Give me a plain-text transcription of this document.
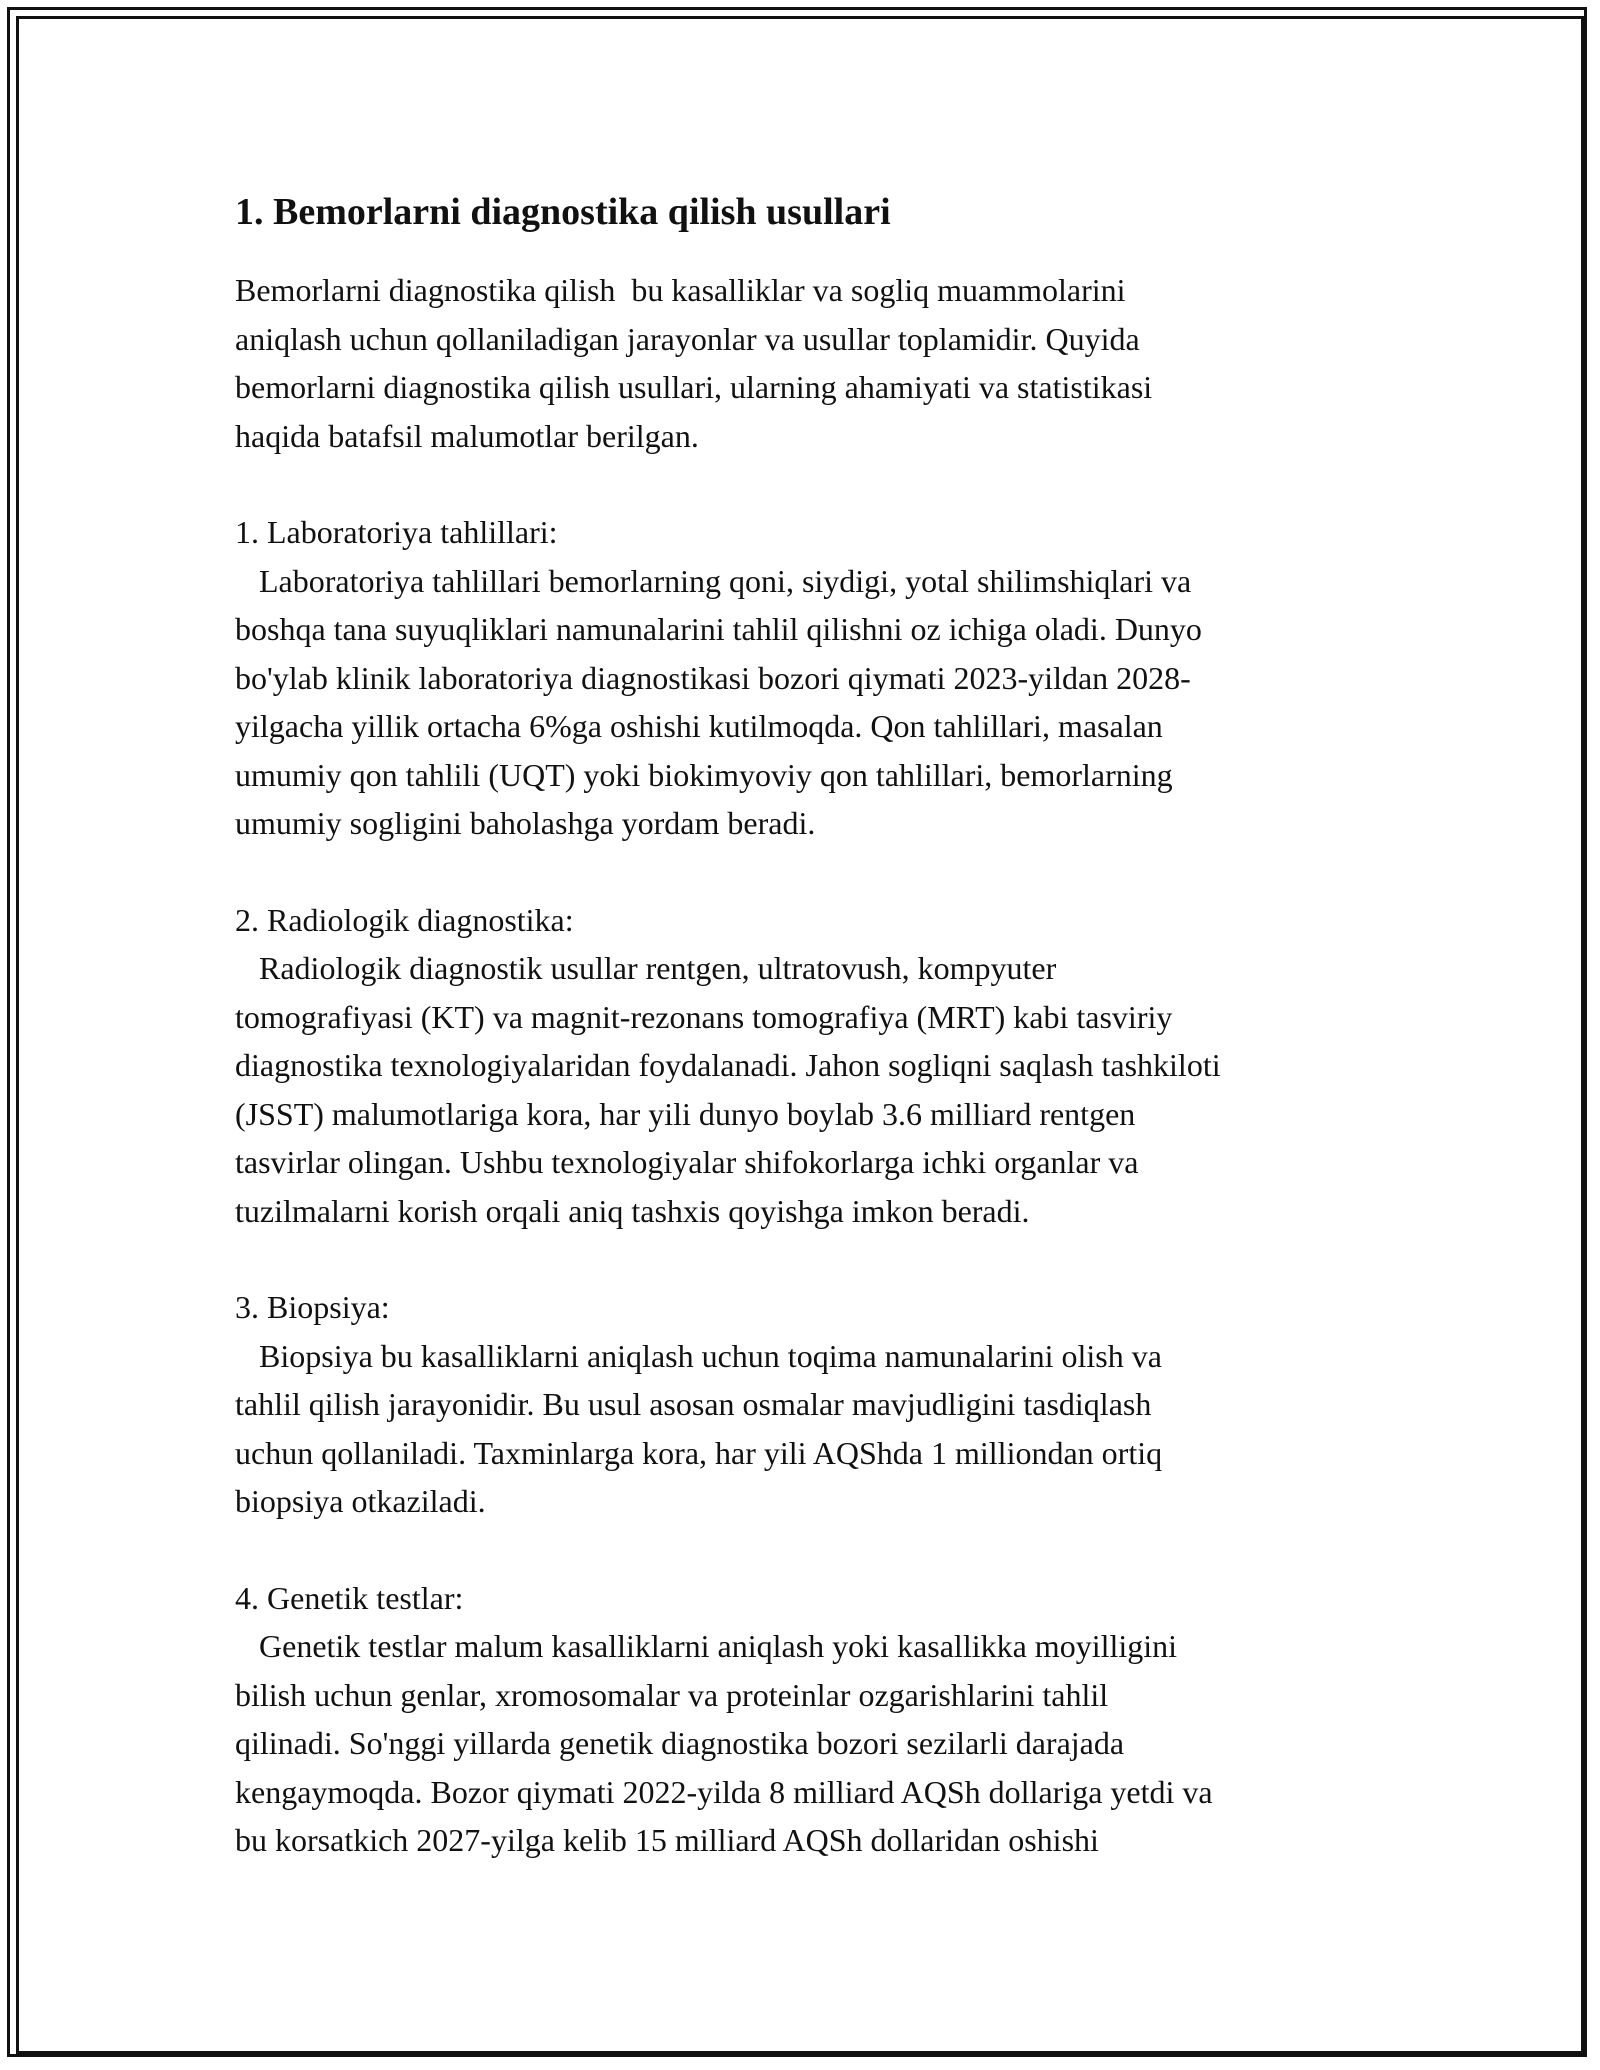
1. Bemorlarni diagnostika qilish usullari

Bemorlarni diagnostika qilish  bu kasalliklar va sogliq muammolarini
aniqlash uchun qollaniladigan jarayonlar va usullar toplamidir. Quyida
bemorlarni diagnostika qilish usullari, ularning ahamiyati va statistikasi
haqida batafsil malumotlar berilgan.

1. Laboratoriya tahlillari:

Laboratoriya tahlillari bemorlarning qoni, siydigi, yotal shilimshiqlari va
boshqa tana suyuqliklari namunalarini tahlil qilishni oz ichiga oladi. Dunyo
bo'ylab klinik laboratoriya diagnostikasi bozori qiymati 2023-yildan 2028-
yilgacha yillik ortacha 6%ga oshishi kutilmoqda. Qon tahlillari, masalan
umumiy qon tahlili (UQT) yoki biokimyoviy qon tahlillari, bemorlarning
umumiy sogligini baholashga yordam beradi.

2. Radiologik diagnostika:

Radiologik diagnostik usullar rentgen, ultratovush, kompyuter
tomografiyasi (KT) va magnit-rezonans tomografiya (MRT) kabi tasviriy
diagnostika texnologiyalaridan foydalanadi. Jahon sogliqni saqlash tashkiloti
(JSST) malumotlariga kora, har yili dunyo boylab 3.6 milliard rentgen
tasvirlar olingan. Ushbu texnologiyalar shifokorlarga ichki organlar va
tuzilmalarni korish orqali aniq tashxis qoyishga imkon beradi.

3. Biopsiya:

Biopsiya bu kasalliklarni aniqlash uchun toqima namunalarini olish va
tahlil qilish jarayonidir. Bu usul asosan osmalar mavjudligini tasdiqlash
uchun qollaniladi. Taxminlarga kora, har yili AQShda 1 milliondan ortiq
biopsiya otkaziladi.

4. Genetik testlar:

Genetik testlar malum kasalliklarni aniqlash yoki kasallikka moyilligini
bilish uchun genlar, xromosomalar va proteinlar ozgarishlarini tahlil
qilinadi. So'nggi yillarda genetik diagnostika bozori sezilarli darajada
kengaymoqda. Bozor qiymati 2022-yilda 8 milliard AQSh dollariga yetdi va
bu korsatkich 2027-yilga kelib 15 milliard AQSh dollaridan oshishi
